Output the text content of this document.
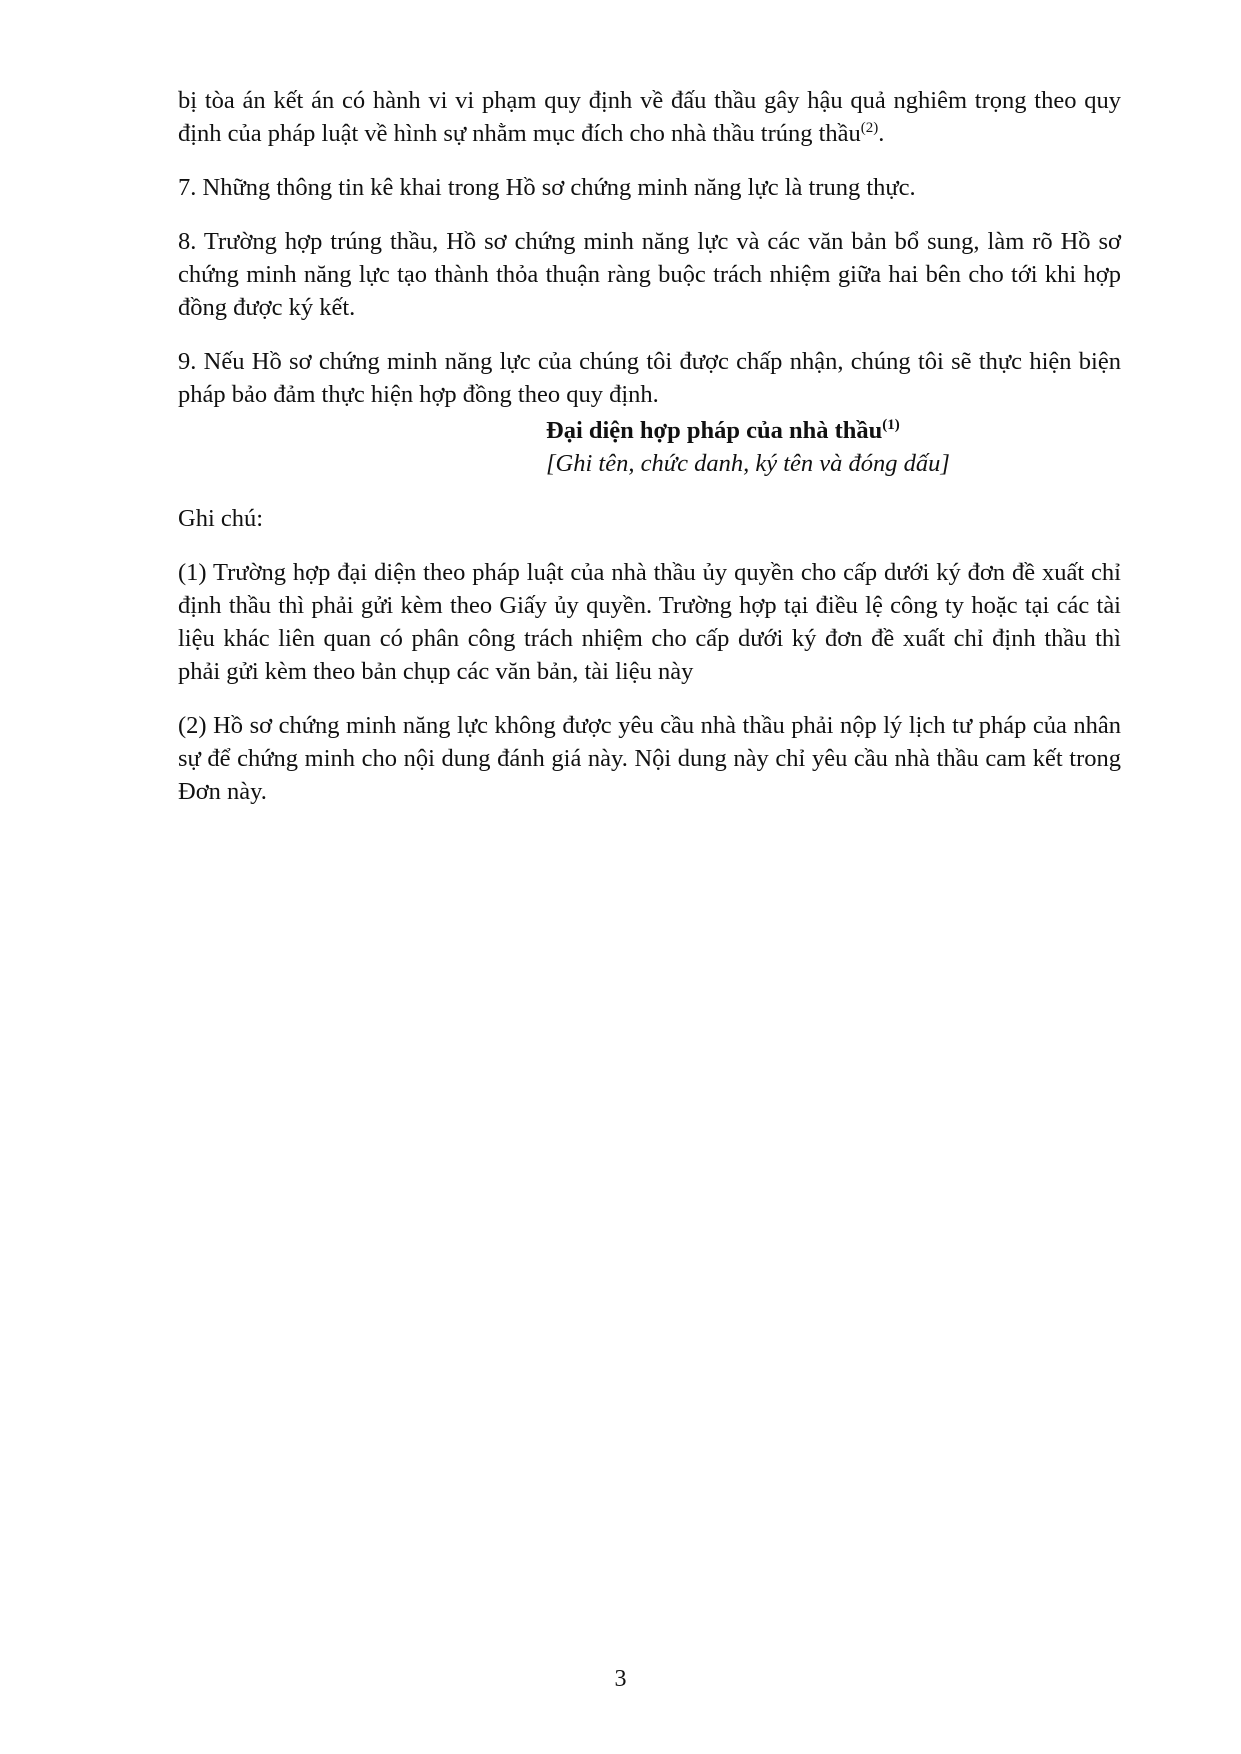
bị tòa án kết án có hành vi vi phạm quy định về đấu thầu gây hậu quả nghiêm trọng theo quy định của pháp luật về hình sự nhằm mục đích cho nhà thầu trúng thầu$^{(2)}$.

7. Những thông tin kê khai trong Hồ sơ chứng minh năng lực là trung thực.

8. Trường hợp trúng thầu, Hồ sơ chứng minh năng lực và các văn bản bổ sung, làm rõ Hồ sơ chứng minh năng lực tạo thành thỏa thuận ràng buộc trách nhiệm giữa hai bên cho tới khi hợp đồng được ký kết.

9. Nếu Hồ sơ chứng minh năng lực của chúng tôi được chấp nhận, chúng tôi sẽ thực hiện biện pháp bảo đảm thực hiện hợp đồng theo quy định.

Đại diện hợp pháp của nhà thầu$^{(1)}$
[Ghi tên, chức danh, ký tên và đóng dấu]

Ghi chú:

(1) Trường hợp đại diện theo pháp luật của nhà thầu ủy quyền cho cấp dưới ký đơn đề xuất chỉ định thầu thì phải gửi kèm theo Giấy ủy quyền. Trường hợp tại điều lệ công ty hoặc tại các tài liệu khác liên quan có phân công trách nhiệm cho cấp dưới ký đơn đề xuất chỉ định thầu thì phải gửi kèm theo bản chụp các văn bản, tài liệu này

(2) Hồ sơ chứng minh năng lực không được yêu cầu nhà thầu phải nộp lý lịch tư pháp của nhân sự để chứng minh cho nội dung đánh giá này. Nội dung này chỉ yêu cầu nhà thầu cam kết trong Đơn này.

3
